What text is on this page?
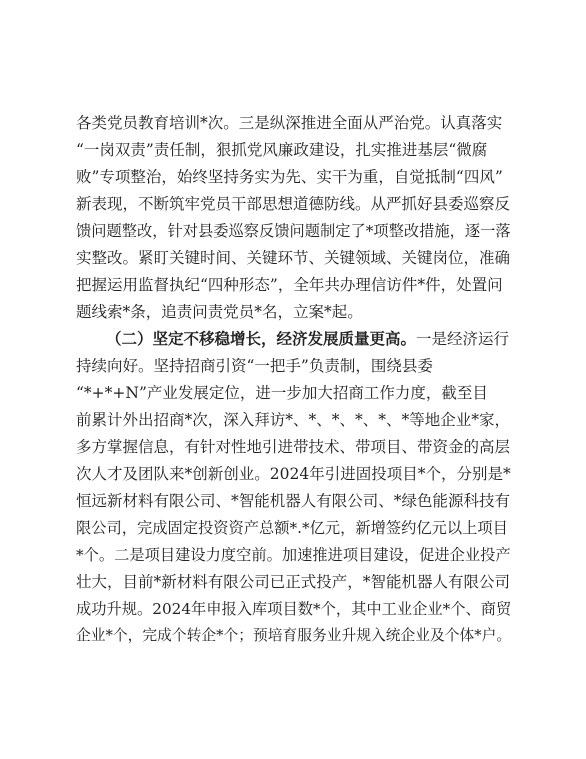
各类党员教育培训*次。三是纵深推进全面从严治党。认真落实
“一岗双责”责任制，狠抓党风廉政建设，扎实推进基层“微腐
败”专项整治，始终坚持务实为先、实干为重，自觉抵制“四风”
新表现，不断筑牢党员干部思想道德防线。从严抓好县委巡察反
馈问题整改，针对县委巡察反馈问题制定了*项整改措施，逐一落
实整改。紧盯关键时间、关键环节、关键领域、关键岗位，准确
把握运用监督执纪“四种形态”，全年共办理信访件*件，处置问
题线索*条，追责问责党员*名，立案*起。
（二）坚定不移稳增长，经济发展质量更高。一是经济运行
持续向好。坚持招商引资“一把手”负责制，围绕县委
“*+*+N”产业发展定位，进一步加大招商工作力度，截至目
前累计外出招商*次，深入拜访*、*、*、*、*、*等地企业*家，
多方掌握信息，有针对性地引进带技术、带项目、带资金的高层
次人才及团队来*创新创业。2024年引进固投项目*个，分别是*
恒远新材料有限公司、*智能机器人有限公司、*绿色能源科技有
限公司，完成固定投资资产总额*.*亿元，新增签约亿元以上项目
*个。二是项目建设力度空前。加速推进项目建设，促进企业投产
壮大，目前*新材料有限公司已正式投产，*智能机器人有限公司
成功升规。2024年申报入库项目数*个，其中工业企业*个、商贸
企业*个，完成个转企*个；预培育服务业升规入统企业及个体*户。
